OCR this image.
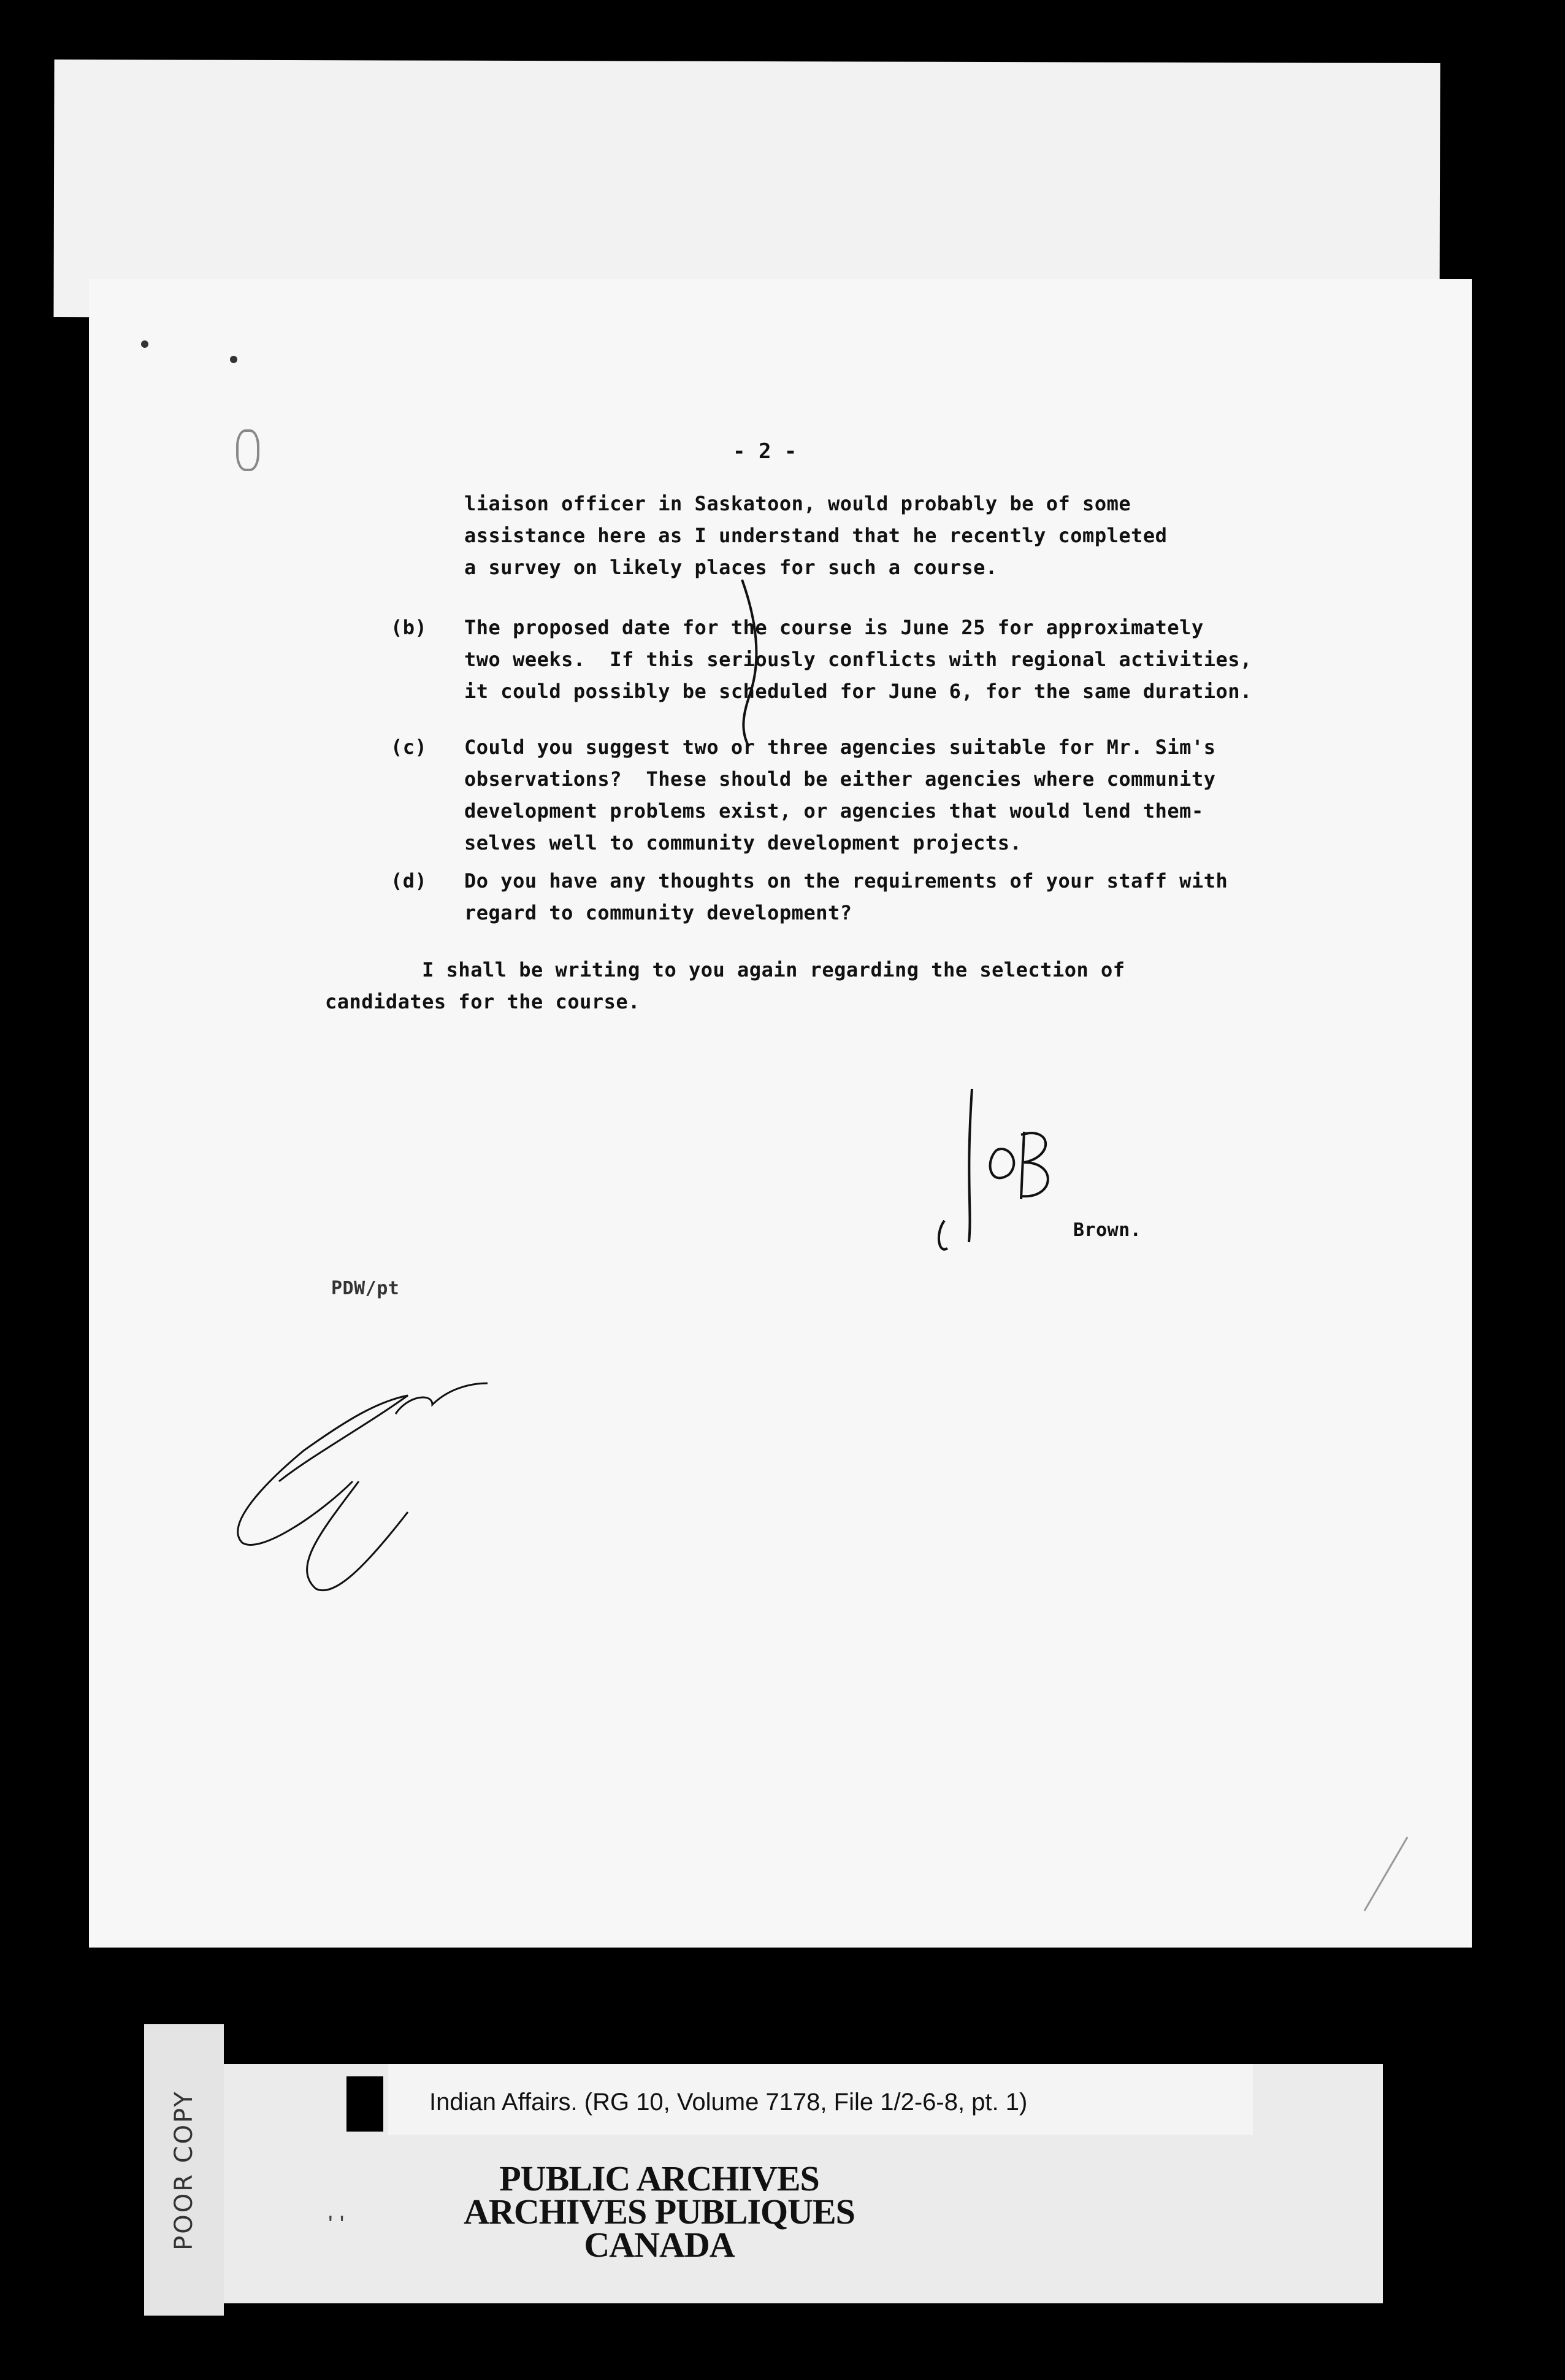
- 2 -
liaison officer in Saskatoon, would probably be of some
assistance here as I understand that he recently completed
a survey on likely places for such a course.
(b) The proposed date for the course is June 25 for approximately
two weeks.  If this seriously conflicts with regional activities,
it could possibly be scheduled for June 6, for the same duration.
(c) Could you suggest two or three agencies suitable for Mr. Sim's
observations?  These should be either agencies where community
development problems exist, or agencies that would lend them-
selves well to community development projects.
(d) Do you have any thoughts on the requirements of your staff with
regard to community development?
I shall be writing to you again regarding the selection of
candidates for the course.
Brown.
PDW/pt
POOR COPY	Indian Affairs. (RG 10, Volume 7178, File 1/2-6-8, pt. 1)
' '
PUBLIC ARCHIVES
ARCHIVES PUBLIQUES
CANADA
